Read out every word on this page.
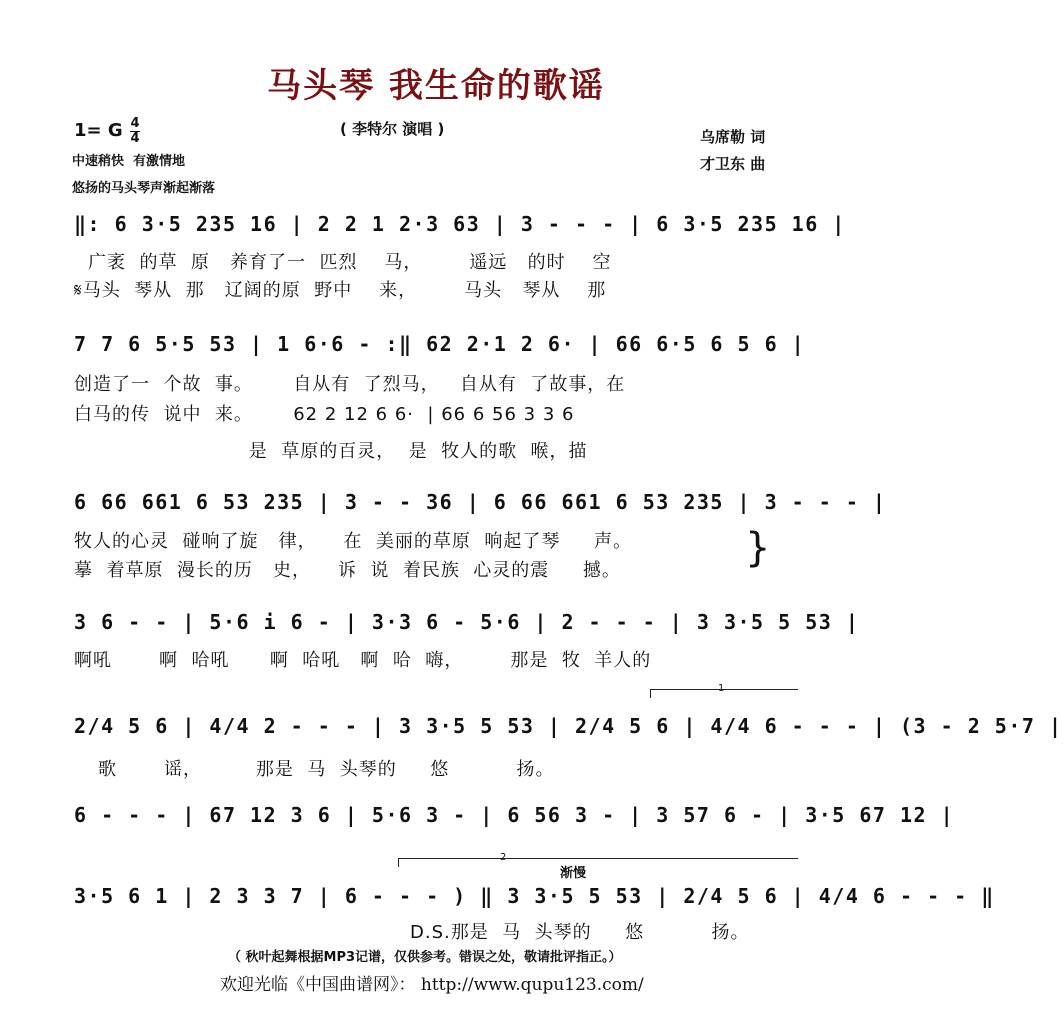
马头琴 我生命的歌谣
( 李特尔 演唱 )
1= G 4
4
中速稍快  有激情地
悠扬的马头琴声渐起渐落
乌席勒 词
才卫东 曲
‖: 6 3·5 235 16 | 2 2 1 2·3 63 | 3 - - - | 6 3·5 235 16 |
广袤  的草  原   养育了一  匹烈    马，       遥远   的时    空
𝄋马头  琴从  那   辽阔的原  野中    来，       马头   琴从    那
7 7 6 5·5 53 | 1 6·6 - :‖ 62 2·1 2 6· | 66 6·5 6 5 6 |
创造了一  个故  事。      自从有  了烈马，   自从有  了故事，在
白马的传  说中  来。      62 2 12 6 6·  | 66 6 56 3 3 6
是  草原的百灵，  是  牧人的歌  喉，描
6 66 661 6 53 235 | 3 - - 36 | 6 66 661 6 53 235 | 3 - - - |
牧人的心灵  碰响了旋   律，    在  美丽的草原  响起了琴     声。
摹  着草原  漫长的历   史，    诉  说  着民族  心灵的震     撼。	}
3 6 - - | 5·6 i 6 - | 3·3 6 - 5·6 | 2 - - - | 3 3·5 5 53 |
啊吼       啊  哈吼      啊  哈吼   啊  哈  嗨，       那是  牧  羊人的
1
2/4 5 6 | 4/4 2 - - - | 3 3·5 5 53 | 2/4 5 6 | 4/4 6 - - - | (3 - 2 5·7 |
歌       谣，        那是  马  头琴的     悠          扬。
6 - - - | 67 12 3 6 | 5·6 3 - | 6 56 3 - | 3 57 6 - | 3·5 67 12 |
2
渐慢
3·5 6 1 | 2 3 3 7 | 6 - - - ) ‖ 3 3·5 5 53 | 2/4 5 6 | 4/4 6 - - - ‖
D.S.那是  马  头琴的     悠          扬。
（ 秋叶起舞根据MP3记谱，仅供参考。错误之处，敬请批评指正。）
欢迎光临《中国曲谱网》： http://www.qupu123.com/
